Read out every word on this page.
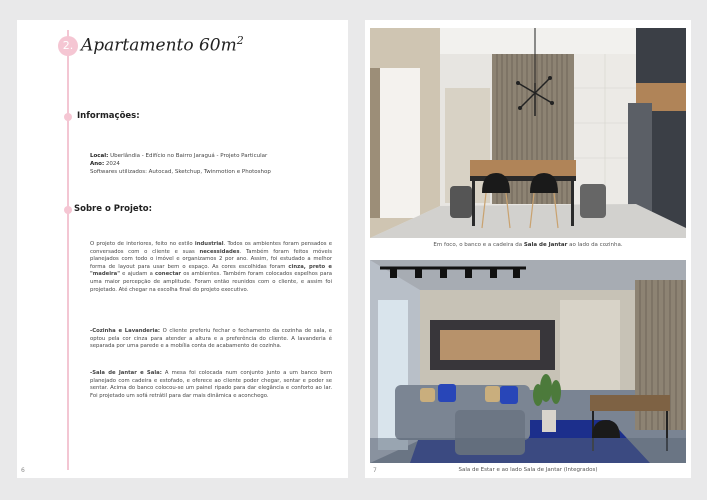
2. Apartamento $60m^2$
Informações:
Local: Uberlândia - Edifício no Bairro Jaraguá - Projeto Particular
Ano: 2024
Softwares utilizados: Autocad, Sketchup, Twinmotion e Photoshop
Sobre o Projeto:

O projeto de interiores, feito no estilo industrial. Todos os ambientes foram pensados e conversados com o cliente e suas necessidades. Também foram feitos móveis planejados com todo o imóvel e organizamos 2 por ano. Assim, foi estudado a melhor forma de layout para usar bem o espaço. As cores escolhidas foram cinza, preto e "madeira" e ajudam a conectar os ambientes. Também foram colocados espelhos para uma maior percepção de amplitude. Foram então reunidos com o cliente, e assim foi projetado. Até chegar na escolha final do projeto executivo.

-Cozinha e Lavanderia: O cliente preferiu fechar o fechamento da cozinha de sala, e optou pela cor cinza para atender a altura e a preferência do cliente. A lavanderia é separada por uma parede e a mobília conta de acabamento de cozinha.

-Sala de Jantar e Sala: A mesa foi colocada num conjunto junto a um banco bem planejado com cadeira e estofado, e oferece ao cliente poder chegar, sentar e poder se sentar. Acima do banco colocou-se um painel ripado para dar elegância e conforto ao lar. Foi projetado um sofá retrátil para dar mais dinâmica e aconchego.

6
Em foco, o banco e a cadeira da Sala de Jantar ao lado da cozinha.
Sala de Estar e ao lado Sala de Jantar (Integrados)
7
